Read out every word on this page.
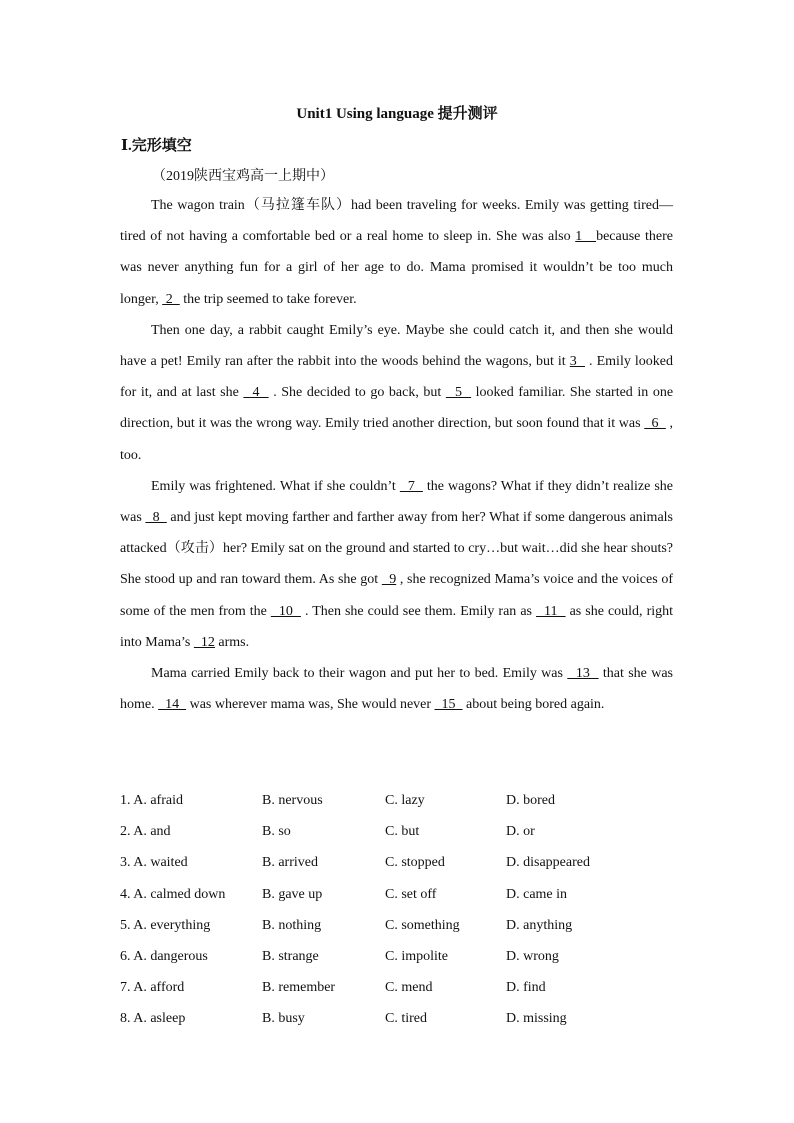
Unit1 Using language 提升测评
Ⅰ.完形填空
（2019陕西宝鸡高一上期中）

The wagon train（马拉篷车队）had been traveling for weeks. Emily was getting tired—tired of not having a comfortable bed or a real home to sleep in. She was also 1   because there was never anything fun for a girl of her age to do. Mama promised it wouldn’t be too much longer,  2   the trip seemed to take forever.

Then one day, a rabbit caught Emily’s eye. Maybe she could catch it, and then she would have a pet! Emily ran after the rabbit into the woods behind the wagons, but it 3   . Emily looked for it, and at last she   4   . She decided to go back, but   5   looked familiar. She started in one direction, but it was the wrong way. Emily tried another direction, but soon found that it was   6   , too.

Emily was frightened. What if she couldn’t   7   the wagons? What if they didn’t realize she was   8   and just kept moving farther and farther away from her? What if some dangerous animals attacked（攻击）her? Emily sat on the ground and started to cry…but wait…did she hear shouts? She stood up and ran toward them. As she got   9 , she recognized Mama’s voice and the voices of some of the men from the   10   . Then she could see them. Emily ran as   11   as she could, right into Mama’s   12 arms.

Mama carried Emily back to their wagon and put her to bed. Emily was   13   that she was home.   14   was wherever mama was, She would never   15   about being bored again.

1. A. afraid	B. nervous	C. lazy	D. bored
2. A. and	B. so	C. but	D. or
3. A. waited	B. arrived	C. stopped	D. disappeared
4. A. calmed down	B. gave up	C. set off	D. came in
5. A. everything	B. nothing	C. something	D. anything
6. A. dangerous	B. strange	C. impolite	D. wrong
7. A. afford	B. remember	C. mend	D. find
8. A. asleep	B. busy	C. tired	D. missing
